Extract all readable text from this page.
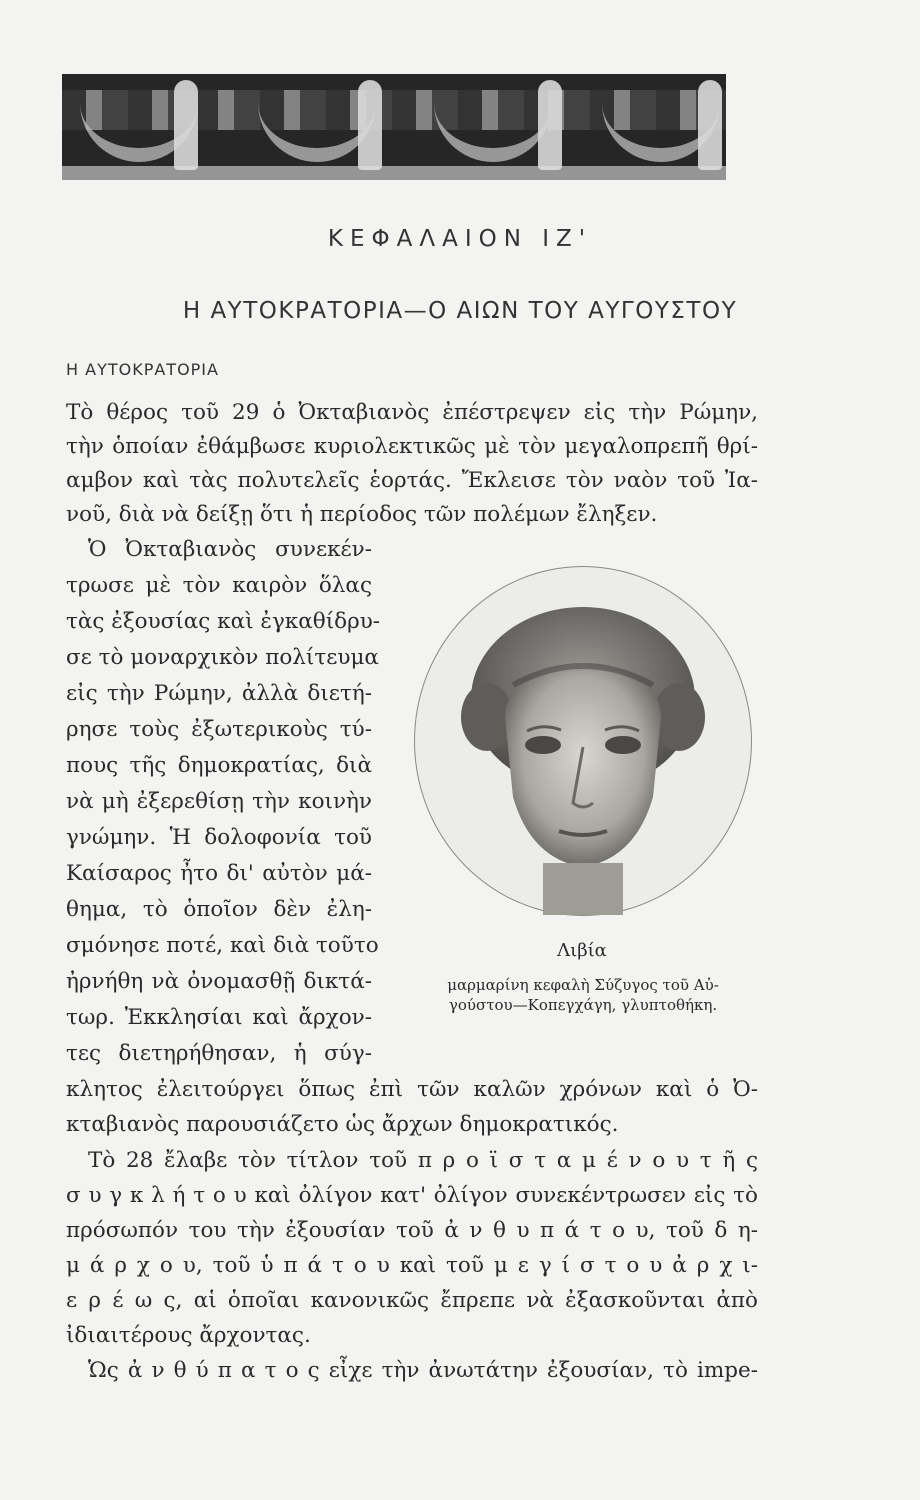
ΚΕΦΑΛΑΙΟΝ ΙΖ'
Η ΑΥΤΟΚΡΑΤΟΡΙΑ—Ο ΑΙΩΝ ΤΟΥ ΑΥΓΟΥΣΤΟΥ
Η ΑΥΤΟΚΡΑΤΟΡΙΑ
Τὸ θέρος τοῦ 29 ὁ Ὀκταβιανὸς ἐπέστρεψεν εἰς τὴν Ρώμην,
τὴν ὁποίαν ἐθάμβωσε κυριολεκτικῶς μὲ τὸν μεγαλοπρεπῆ θρί-
αμβον καὶ τὰς πολυτελεῖς ἑορτάς. Ἔκλεισε τὸν ναὸν τοῦ Ἰα-
νοῦ, διὰ νὰ δείξῃ ὅτι ἡ περίοδος τῶν πολέμων ἔληξεν.
Ὁ Ὀκταβιανὸς συνεκέν-
τρωσε μὲ τὸν καιρὸν ὅλας
τὰς ἐξουσίας καὶ ἐγκαθίδρυ-
σε τὸ μοναρχικὸν πολίτευμα
εἰς τὴν Ρώμην, ἀλλὰ διετή-
ρησε τοὺς ἐξωτερικοὺς τύ-
πους τῆς δημοκρατίας, διὰ
νὰ μὴ ἐξερεθίσῃ τὴν κοινὴν
γνώμην. Ἡ δολοφονία τοῦ
Καίσαρος ἦτο δι' αὐτὸν μά-
θημα, τὸ ὁποῖον δὲν ἐλη-
σμόνησε ποτέ, καὶ διὰ τοῦτο
ἠρνήθη νὰ ὀνομασθῇ δικτά-
τωρ. Ἐκκλησίαι καὶ ἄρχον-
τες διετηρήθησαν, ἡ σύγ-
Λιβία
μαρμαρίνη κεφαλὴ Σύζυγος τοῦ Αὐ-
γούστου—Κοπεγχάγη, γλυπτοθήκη.
κλητος ἐλειτούργει ὅπως ἐπὶ τῶν καλῶν χρόνων καὶ ὁ Ὀ-
κταβιανὸς παρουσιάζετο ὡς ἄρχων δημοκρατικός.
Τὸ 28 ἔλαβε τὸν τίτλον τοῦ π ρ ο ϊ σ τ α μ έ ν ο υ τ ῆ ς
σ υ γ κ λ ή τ ο υ καὶ ὀλίγον κατ' ὀλίγον συνεκέντρωσεν εἰς τὸ
πρόσωπόν του τὴν ἐξουσίαν τοῦ ἀ ν θ υ π ά τ ο υ, τοῦ δ η-
μ ά ρ χ ο υ, τοῦ ὑ π ά τ ο υ καὶ τοῦ μ ε γ ί σ τ ο υ ἀ ρ χ ι-
ε ρ έ ω ς, αἱ ὁποῖαι κανονικῶς ἔπρεπε νὰ ἐξασκοῦνται ἀπὸ
ἰδιαιτέρους ἄρχοντας.
Ὡς ἀ ν θ ύ π α τ ο ς εἶχε τὴν ἀνωτάτην ἐξουσίαν, τὸ impe-
